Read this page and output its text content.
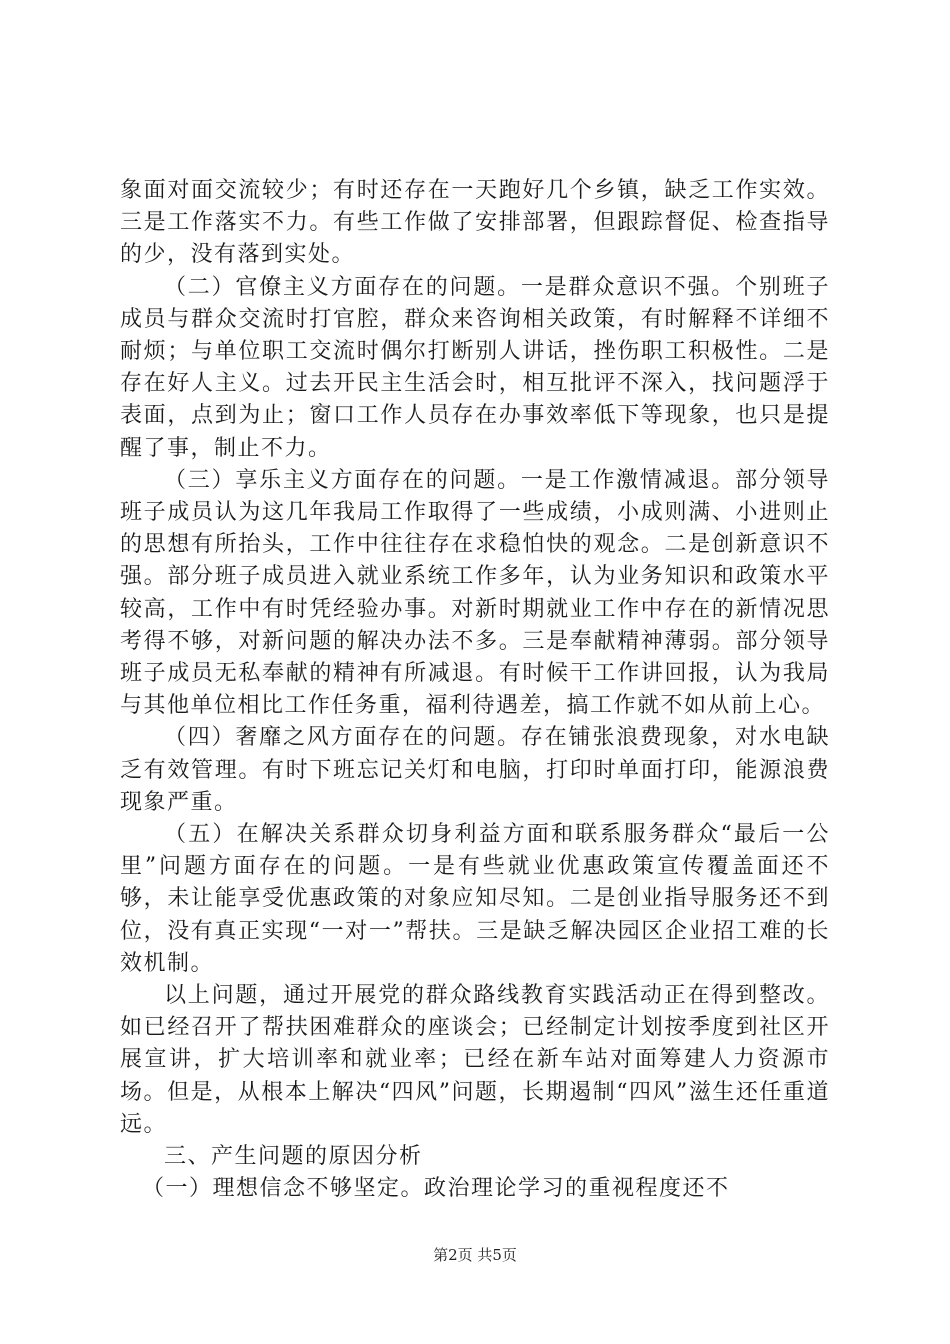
象面对面交流较少；有时还存在一天跑好几个乡镇，缺乏工作实效。三是工作落实不力。有些工作做了安排部署，但跟踪督促、检查指导的少，没有落到实处。

（二）官僚主义方面存在的问题。一是群众意识不强。个别班子成员与群众交流时打官腔，群众来咨询相关政策，有时解释不详细不耐烦；与单位职工交流时偶尔打断别人讲话，挫伤职工积极性。二是存在好人主义。过去开民主生活会时，相互批评不深入，找问题浮于表面，点到为止；窗口工作人员存在办事效率低下等现象，也只是提醒了事，制止不力。

（三）享乐主义方面存在的问题。一是工作激情减退。部分领导班子成员认为这几年我局工作取得了一些成绩，小成则满、小进则止的思想有所抬头，工作中往往存在求稳怕快的观念。二是创新意识不强。部分班子成员进入就业系统工作多年，认为业务知识和政策水平较高，工作中有时凭经验办事。对新时期就业工作中存在的新情况思考得不够，对新问题的解决办法不多。三是奉献精神薄弱。部分领导班子成员无私奉献的精神有所减退。有时候干工作讲回报，认为我局与其他单位相比工作任务重，福利待遇差，搞工作就不如从前上心。

（四）奢靡之风方面存在的问题。存在铺张浪费现象，对水电缺乏有效管理。有时下班忘记关灯和电脑，打印时单面打印，能源浪费现象严重。

（五）在解决关系群众切身利益方面和联系服务群众“最后一公里”问题方面存在的问题。一是有些就业优惠政策宣传覆盖面还不够，未让能享受优惠政策的对象应知尽知。二是创业指导服务还不到位，没有真正实现“一对一”帮扶。三是缺乏解决园区企业招工难的长效机制。

以上问题，通过开展党的群众路线教育实践活动正在得到整改。如已经召开了帮扶困难群众的座谈会；已经制定计划按季度到社区开展宣讲，扩大培训率和就业率；已经在新车站对面筹建人力资源市场。但是，从根本上解决“四风”问题，长期遏制“四风”滋生还任重道远。

三、产生问题的原因分析

（一）理想信念不够坚定。政治理论学习的重视程度还不

第2页 共5页
